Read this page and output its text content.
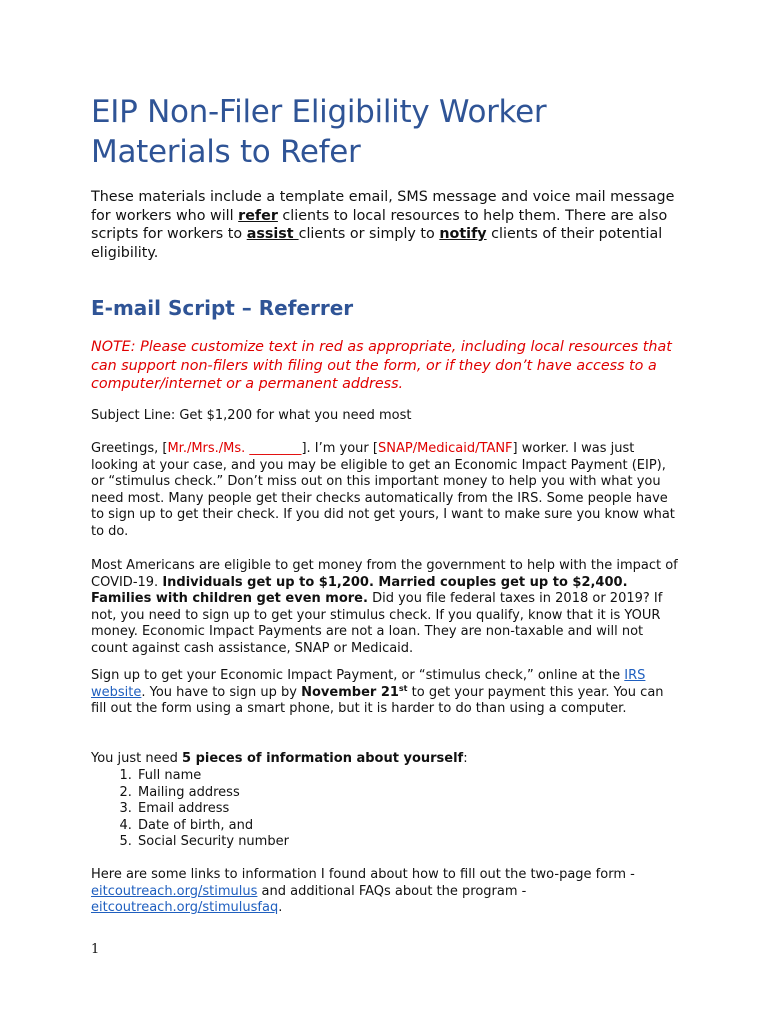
EIP Non-Filer Eligibility Worker Materials to Refer

These materials include a template email, SMS message and voice mail message for workers who will refer clients to local resources to help them. There are also scripts for workers to assist clients or simply to notify clients of their potential eligibility.

E-mail Script – Referrer

NOTE: Please customize text in red as appropriate, including local resources that can support non-filers with filing out the form, or if they don’t have access to a computer/internet or a permanent address.

Subject Line: Get $1,200 for what you need most

Greetings, [Mr./Mrs./Ms. ________]. I’m your [SNAP/Medicaid/TANF] worker. I was just looking at your case, and you may be eligible to get an Economic Impact Payment (EIP), or “stimulus check.” Don’t miss out on this important money to help you with what you need most. Many people get their checks automatically from the IRS. Some people have to sign up to get their check. If you did not get yours, I want to make sure you know what to do.

Most Americans are eligible to get money from the government to help with the impact of COVID-19. Individuals get up to $1,200. Married couples get up to $2,400. Families with children get even more. Did you file federal taxes in 2018 or 2019? If not, you need to sign up to get your stimulus check. If you qualify, know that it is YOUR money. Economic Impact Payments are not a loan. They are non-taxable and will not count against cash assistance, SNAP or Medicaid.

Sign up to get your Economic Impact Payment, or “stimulus check,” online at the IRS website. You have to sign up by November 21st to get your payment this year. You can fill out the form using a smart phone, but it is harder to do than using a computer.

You just need 5 pieces of information about yourself:

1. Full name
2. Mailing address
3. Email address
4. Date of birth, and
5. Social Security number

Here are some links to information I found about how to fill out the two-page form - eitcoutreach.org/stimulus and additional FAQs about the program - eitcoutreach.org/stimulusfaq.

1
